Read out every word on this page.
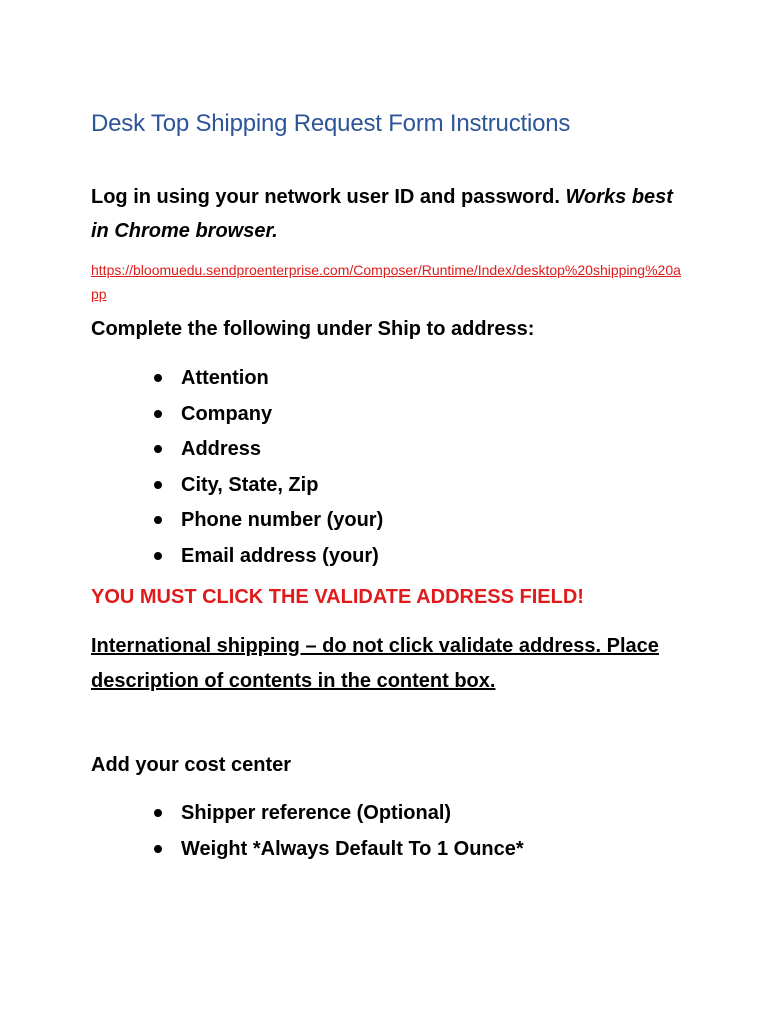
Desk Top Shipping Request Form Instructions

Log in using your network user ID and password. Works best in Chrome browser.

https://bloomuedu.sendproenterprise.com/Composer/Runtime/Index/desktop%20shipping%20app

Complete the following under Ship to address:

Attention
Company
Address
City, State, Zip
Phone number (your)
Email address (your)

YOU MUST CLICK THE VALIDATE ADDRESS FIELD!

International shipping – do not click validate address. Place description of contents in the content box.

Add your cost center

Shipper reference (Optional)
Weight *Always Default To 1 Ounce*
